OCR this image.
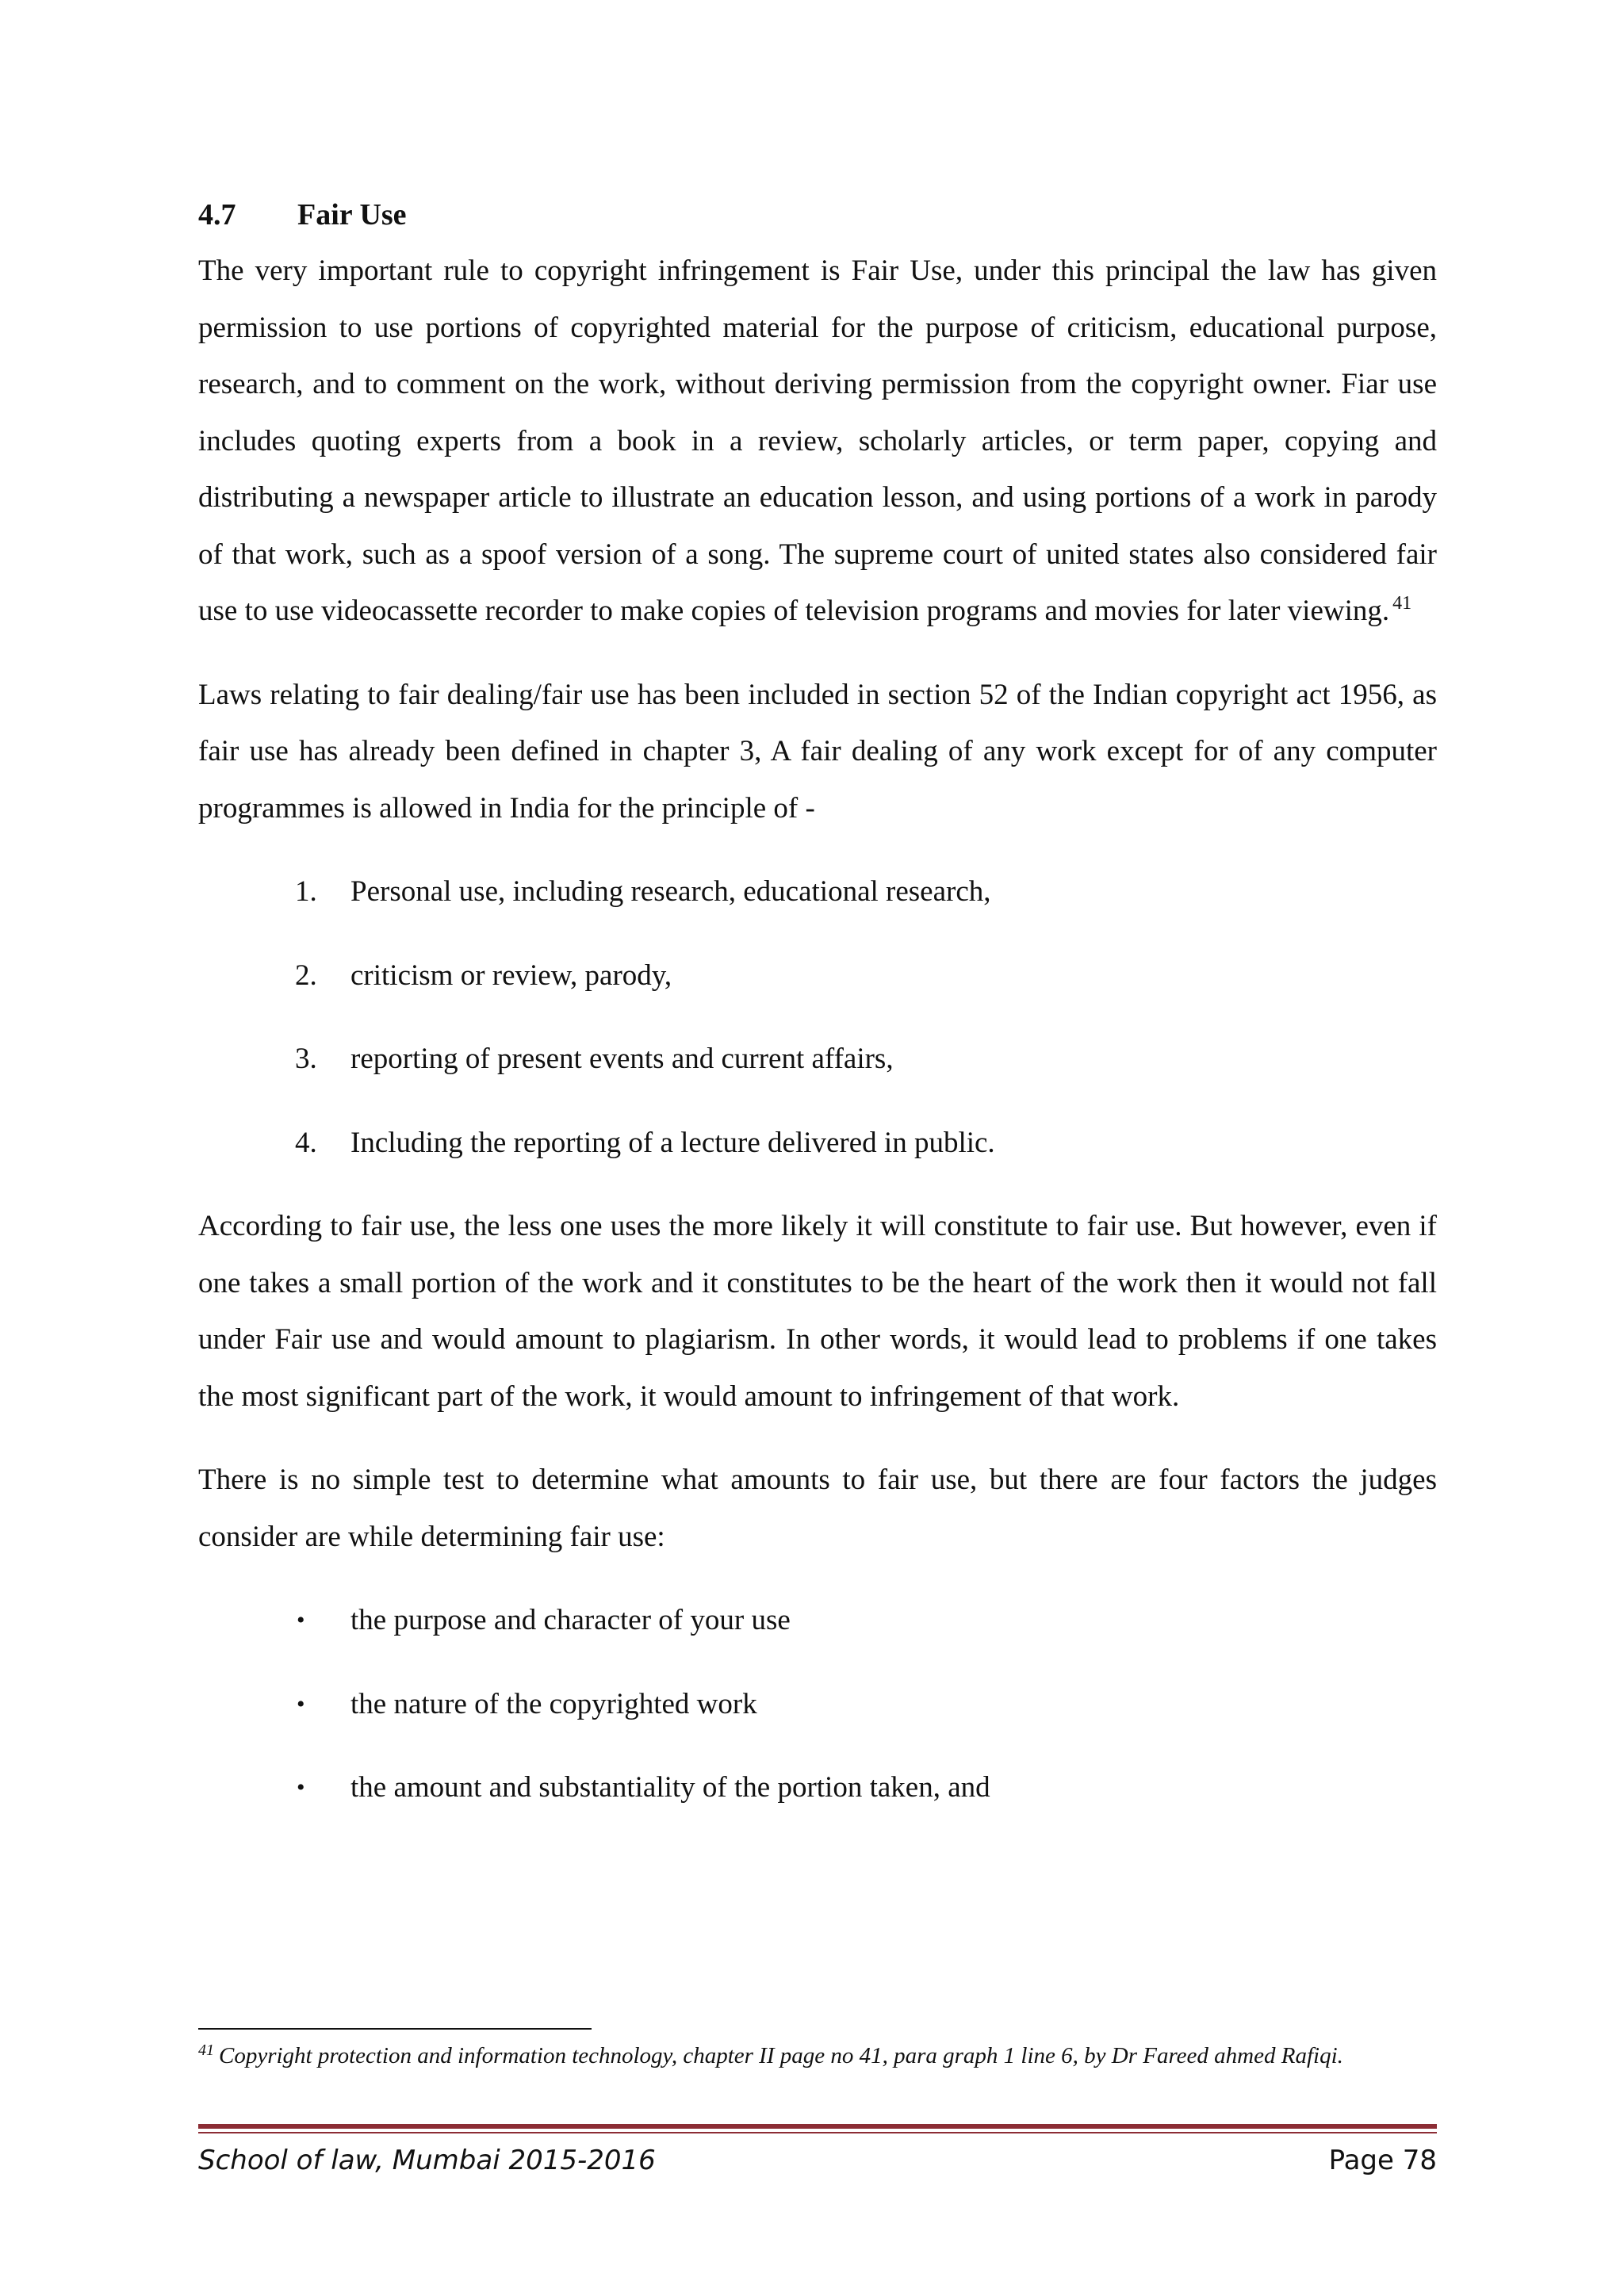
4.7	Fair Use

The very important rule to copyright infringement is Fair Use, under this principal the law has given permission to use portions of copyrighted material for the purpose of criticism, educational purpose, research, and to comment on the work, without deriving permission from the copyright owner. Fiar use includes quoting experts from a book in a review, scholarly articles, or term paper, copying and distributing a newspaper article to illustrate an education lesson, and using portions of a work in parody of that work, such as a spoof version of a song. The supreme court of united states also considered fair use to use videocassette recorder to make copies of television programs and movies for later viewing. $^{41}$

Laws relating to fair dealing/fair use has been included in section 52 of the Indian copyright act 1956, as fair use has already been defined in chapter 3, A fair dealing of any work except for of any computer programmes is allowed in India for the principle of -

1.	Personal use, including research, educational research,
2.	criticism or review, parody,
3.	reporting of present events and current affairs,
4.	Including the reporting of a lecture delivered in public.

According to fair use, the less one uses the more likely it will constitute to fair use. But however, even if one takes a small portion of the work and it constitutes to be the heart of the work then it would not fall under Fair use and would amount to plagiarism. In other words, it would lead to problems if one takes the most significant part of the work, it would amount to infringement of that work.

There is no simple test to determine what amounts to fair use, but there are four factors the judges consider are while determining fair use:

•	the purpose and character of your use
•	the nature of the copyrighted work
•	the amount and substantiality of the portion taken, and
$^{41}$ Copyright protection and information technology, chapter II page no 41, para graph 1 line 6, by Dr Fareed ahmed Rafiqi.
School of law, Mumbai 2015-2016	Page 78
